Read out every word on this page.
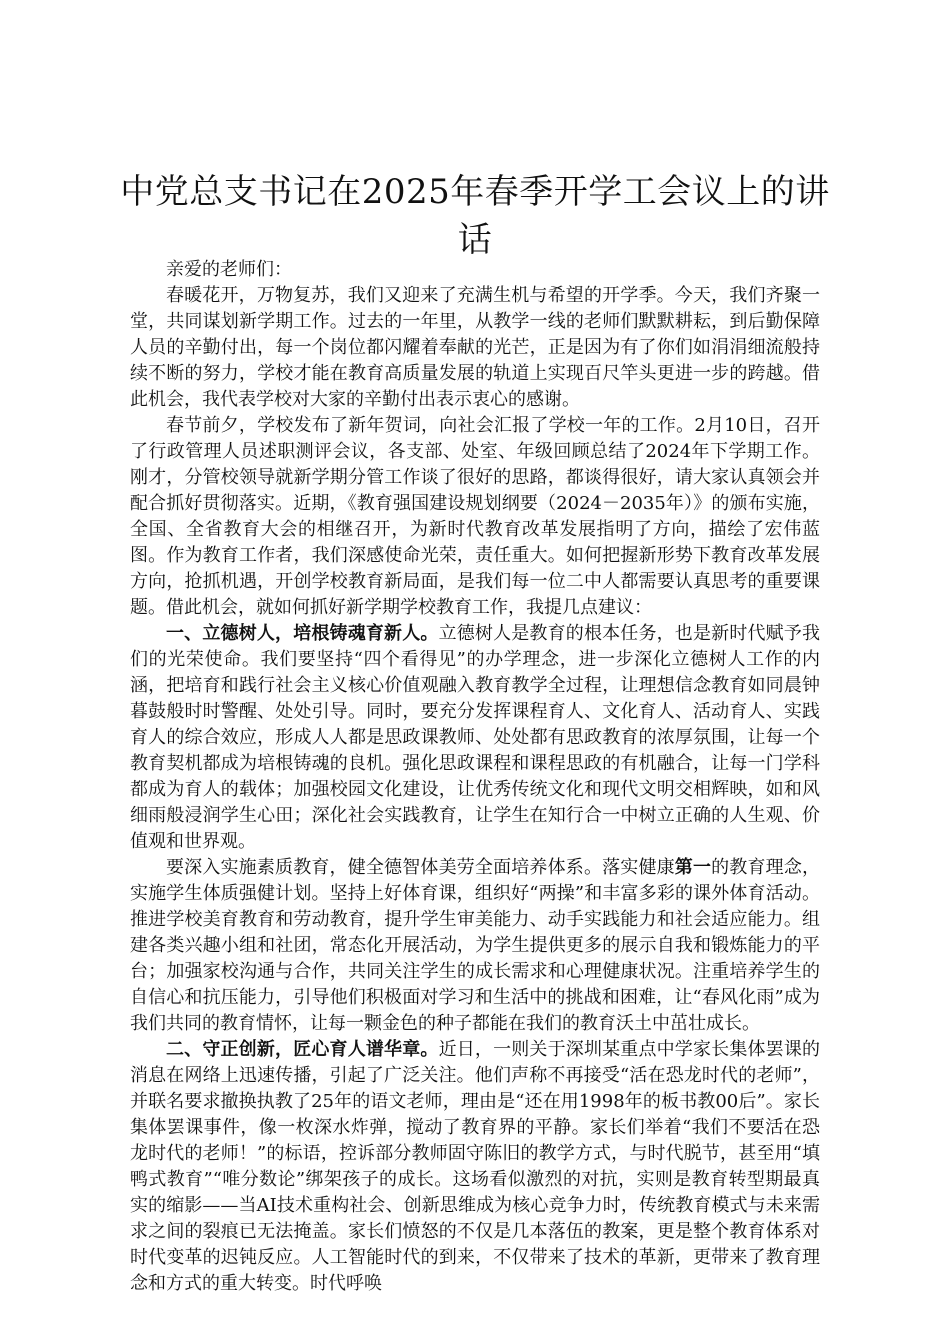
中党总支书记在2025年春季开学工会议上的讲话

亲爱的老师们：

春暖花开，万物复苏，我们又迎来了充满生机与希望的开学季。今天，我们齐聚一堂，共同谋划新学期工作。过去的一年里，从教学一线的老师们默默耕耘，到后勤保障人员的辛勤付出，每一个岗位都闪耀着奉献的光芒，正是因为有了你们如涓涓细流般持续不断的努力，学校才能在教育高质量发展的轨道上实现百尺竿头更进一步的跨越。借此机会，我代表学校对大家的辛勤付出表示衷心的感谢。

春节前夕，学校发布了新年贺词，向社会汇报了学校一年的工作。2月10日，召开了行政管理人员述职测评会议，各支部、处室、年级回顾总结了2024年下学期工作。刚才，分管校领导就新学期分管工作谈了很好的思路，都谈得很好，请大家认真领会并配合抓好贯彻落实。近期，《教育强国建设规划纲要（2024－2035年）》的颁布实施，全国、全省教育大会的相继召开，为新时代教育改革发展指明了方向，描绘了宏伟蓝图。作为教育工作者，我们深感使命光荣，责任重大。如何把握新形势下教育改革发展方向，抢抓机遇，开创学校教育新局面，是我们每一位二中人都需要认真思考的重要课题。借此机会，就如何抓好新学期学校教育工作，我提几点建议：

一、立德树人，培根铸魂育新人。立德树人是教育的根本任务，也是新时代赋予我们的光荣使命。我们要坚持“四个看得见”的办学理念，进一步深化立德树人工作的内涵，把培育和践行社会主义核心价值观融入教育教学全过程，让理想信念教育如同晨钟暮鼓般时时警醒、处处引导。同时，要充分发挥课程育人、文化育人、活动育人、实践育人的综合效应，形成人人都是思政课教师、处处都有思政教育的浓厚氛围，让每一个教育契机都成为培根铸魂的良机。强化思政课程和课程思政的有机融合，让每一门学科都成为育人的载体；加强校园文化建设，让优秀传统文化和现代文明交相辉映，如和风细雨般浸润学生心田；深化社会实践教育，让学生在知行合一中树立正确的人生观、价值观和世界观。

要深入实施素质教育，健全德智体美劳全面培养体系。落实健康第一的教育理念，实施学生体质强健计划。坚持上好体育课，组织好“两操”和丰富多彩的课外体育活动。推进学校美育教育和劳动教育，提升学生审美能力、动手实践能力和社会适应能力。组建各类兴趣小组和社团，常态化开展活动，为学生提供更多的展示自我和锻炼能力的平台；加强家校沟通与合作，共同关注学生的成长需求和心理健康状况。注重培养学生的自信心和抗压能力，引导他们积极面对学习和生活中的挑战和困难，让“春风化雨”成为我们共同的教育情怀，让每一颗金色的种子都能在我们的教育沃土中茁壮成长。

二、守正创新，匠心育人谱华章。近日，一则关于深圳某重点中学家长集体罢课的消息在网络上迅速传播，引起了广泛关注。他们声称不再接受“活在恐龙时代的老师”，并联名要求撤换执教了25年的语文老师，理由是“还在用1998年的板书教00后”。家长集体罢课事件，像一枚深水炸弹，搅动了教育界的平静。家长们举着“我们不要活在恐龙时代的老师！”的标语，控诉部分教师固守陈旧的教学方式，与时代脱节，甚至用“填鸭式教育”“唯分数论”绑架孩子的成长。这场看似激烈的对抗，实则是教育转型期最真实的缩影——当AI技术重构社会、创新思维成为核心竞争力时，传统教育模式与未来需求之间的裂痕已无法掩盖。家长们愤怒的不仅是几本落伍的教案，更是整个教育体系对时代变革的迟钝反应。人工智能时代的到来，不仅带来了技术的革新，更带来了教育理念和方式的重大转变。时代呼唤
